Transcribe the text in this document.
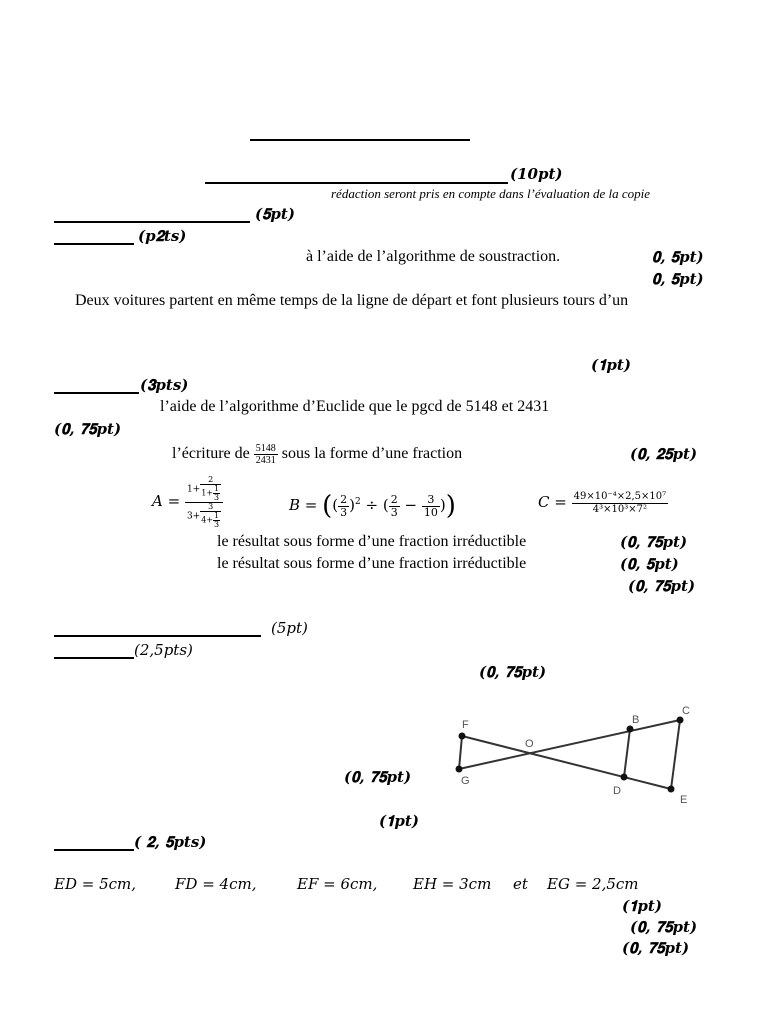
(10𝒑𝒕)
rédaction seront pris en compte dans l’évaluation de la copie
(𝟓𝒑𝒕)
(𝒑𝟐𝒕𝒔)
à l’aide de l’algorithme de soustraction.	𝟎, 𝟓𝒑𝒕)
𝟎, 𝟓𝒑𝒕)
Deux voitures partent en même temps de la ligne de départ et font plusieurs tours d’un
(𝟏𝒑𝒕)
(𝟑𝒑𝒕𝒔)
l’aide de l’algorithme d’Euclide que le pgcd de 5148 et 2431
(𝟎, 𝟕𝟓𝒑𝒕)
l’écriture de $\frac{5148}{2431}$ sous la forme d’une fraction	(𝟎, 𝟐𝟓𝒑𝒕)
$A = \frac{1+ \frac{2}{1+ \frac{1}{3}}}{3+ \frac{3}{4+ \frac{1}{3}}}$	B = (( $\frac{2}{3} )^2$ ÷ ( $\frac{2}{3} - \frac{3}{10}$ ))	$C = \frac{\text{49×10⁻⁴×2,5×10⁷}}{\text{4³×10³×7²}}$
le résultat sous forme d’une fraction irréductible	(𝟎, 𝟕𝟓𝒑𝒕)
le résultat sous forme d’une fraction irréductible	(𝟎, 𝟓𝒑𝒕)
(𝟎, 𝟕𝟓𝒑𝒕)
(5𝑝𝑡)
(2,5𝑝𝑡𝑠)
(𝟎, 𝟕𝟓𝒑𝒕)
(𝟎, 𝟕𝟓𝒑𝒕)
(𝟏𝒑𝒕)
F
O
B
C
G
D
E
( 𝟐, 𝟓𝒑𝒕𝒔)
𝐸𝐷 = 5𝑐𝑚,	𝐹𝐷 = 4𝑐𝑚,	𝐸𝐹 = 6𝑐𝑚, 𝐸𝐻 = 3𝑐𝑚 𝑒𝑡 𝐸𝐺 = 2,5𝑐𝑚
(𝟏𝒑𝒕)
(𝟎, 𝟕𝟓𝒑𝒕)
(𝟎, 𝟕𝟓𝒑𝒕)
